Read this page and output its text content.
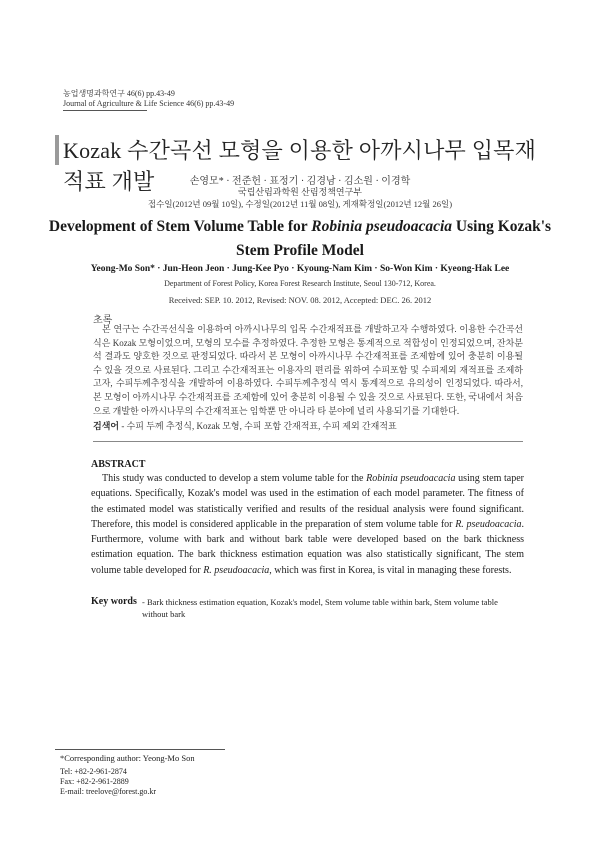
농업생명과학연구 46(6) pp.43-49
Journal of Agriculture & Life Science 46(6) pp.43-49
Kozak 수간곡선 모형을 이용한 아까시나무 입목재적표 개발	손영모* · 전준헌 · 표정기 · 김경남 · 김소원 · 이경학
국립산림과학원 산림정책연구부
접수일(2012년 09월 10일), 수정일(2012년 11월 08일), 게재확정일(2012년 12월 26일)
Development of Stem Volume Table for Robinia pseudoacacia Using Kozak's Stem Profile Model
Yeong-Mo Son* · Jun-Heon Jeon · Jung-Kee Pyo · Kyoung-Nam Kim · So-Won Kim · Kyeong-Hak Lee
Department of Forest Policy, Korea Forest Research Institute, Seoul 130-712, Korea.
Received: SEP. 10. 2012, Revised: NOV. 08. 2012, Accepted: DEC. 26. 2012
초록
본 연구는 수간곡선식을 이용하여 아까시나무의 입목 수간재적표를 개발하고자 수행하였다. 이용한 수간곡선식은 Kozak 모형이었으며, 모형의 모수를 추정하였다. 추정한 모형은 통계적으로 적합성이 인정되었으며, 잔차분석 결과도 양호한 것으로 판정되었다. 따라서 본 모형이 아까시나무 수간재적표를 조제함에 있어 충분히 이용될 수 있을 것으로 사료된다. 그리고 수간재적표는 이용자의 편리를 위하여 수피포함 및 수피제외 재적표를 조제하고자, 수피두께추정식을 개발하여 이용하였다. 수피두께추정식 역시 통계적으로 유의성이 인정되었다. 따라서, 본 모형이 아까시나무 수간재적표를 조제함에 있어 충분히 이용될 수 있을 것으로 사료된다. 또한, 국내에서 처음으로 개발한 아까시나무의 수간재적표는 임학뿐 만 아니라 타 분야에 널리 사용되기를 기대한다.
검색어 - 수피 두께 추정식, Kozak 모형, 수피 포함 간재적표, 수피 제외 간재적표
ABSTRACT
This study was conducted to develop a stem volume table for the Robinia pseudoacacia using stem taper equations. Specifically, Kozak's model was used in the estimation of each model parameter. The fitness of the estimated model was statistically verified and results of the residual analysis were found significant. Therefore, this model is considered applicable in the preparation of stem volume table for R. pseudoacacia. Furthermore, volume with bark and without bark table were developed based on the bark thickness estimation equation. The bark thickness estimation equation was also statistically significant, The stem volume table developed for R. pseudoacacia, which was first in Korea, is vital in managing these forests.
Key words - Bark thickness estimation equation, Kozak's model, Stem volume table within bark, Stem volume table without bark
*Corresponding author: Yeong-Mo Son
Tel: +82-2-961-2874
Fax: +82-2-961-2889
E-mail: treelove@forest.go.kr
